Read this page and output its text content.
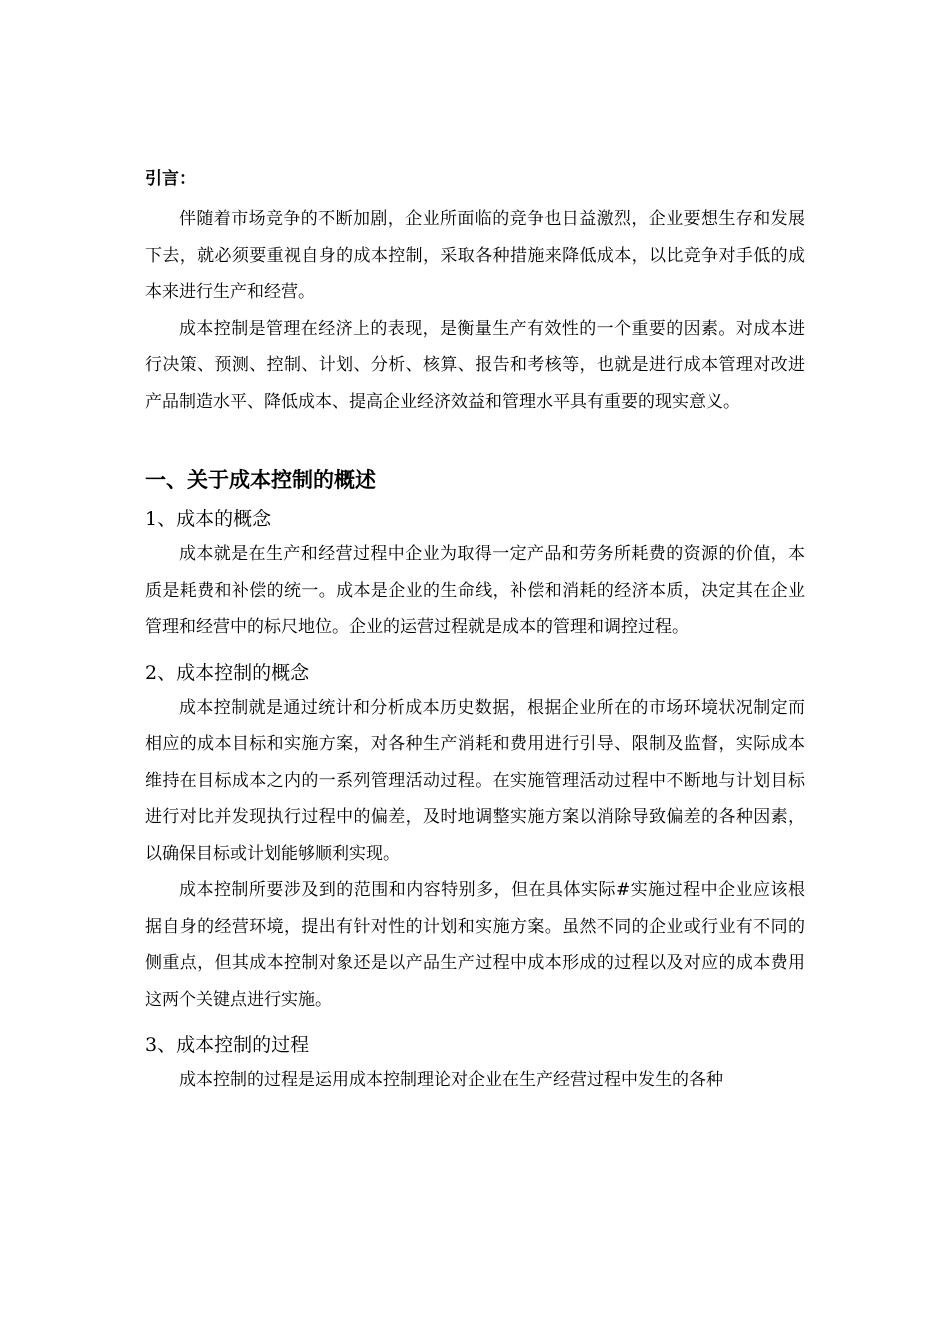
引言：

伴随着市场竞争的不断加剧，企业所面临的竞争也日益激烈，企业要想生存和发展下去，就必须要重视自身的成本控制，采取各种措施来降低成本，以比竞争对手低的成本来进行生产和经营。

成本控制是管理在经济上的表现，是衡量生产有效性的一个重要的因素。对成本进行决策、预测、控制、计划、分析、核算、报告和考核等，也就是进行成本管理对改进产品制造水平、降低成本、提高企业经济效益和管理水平具有重要的现实意义。

一、关于成本控制的概述
1、成本的概念

成本就是在生产和经营过程中企业为取得一定产品和劳务所耗费的资源的价值，本质是耗费和补偿的统一。成本是企业的生命线，补偿和消耗的经济本质，决定其在企业管理和经营中的标尺地位。企业的运营过程就是成本的管理和调控过程。

2、成本控制的概念

成本控制就是通过统计和分析成本历史数据，根据企业所在的市场环境状况制定而相应的成本目标和实施方案，对各种生产消耗和费用进行引导、限制及监督，实际成本维持在目标成本之内的一系列管理活动过程。在实施管理活动过程中不断地与计划目标进行对比并发现执行过程中的偏差，及时地调整实施方案以消除导致偏差的各种因素，以确保目标或计划能够顺利实现。

成本控制所要涉及到的范围和内容特别多，但在具体实际#实施过程中企业应该根据自身的经营环境，提出有针对性的计划和实施方案。虽然不同的企业或行业有不同的侧重点，但其成本控制对象还是以产品生产过程中成本形成的过程以及对应的成本费用这两个关键点进行实施。

3、成本控制的过程

成本控制的过程是运用成本控制理论对企业在生产经营过程中发生的各种
